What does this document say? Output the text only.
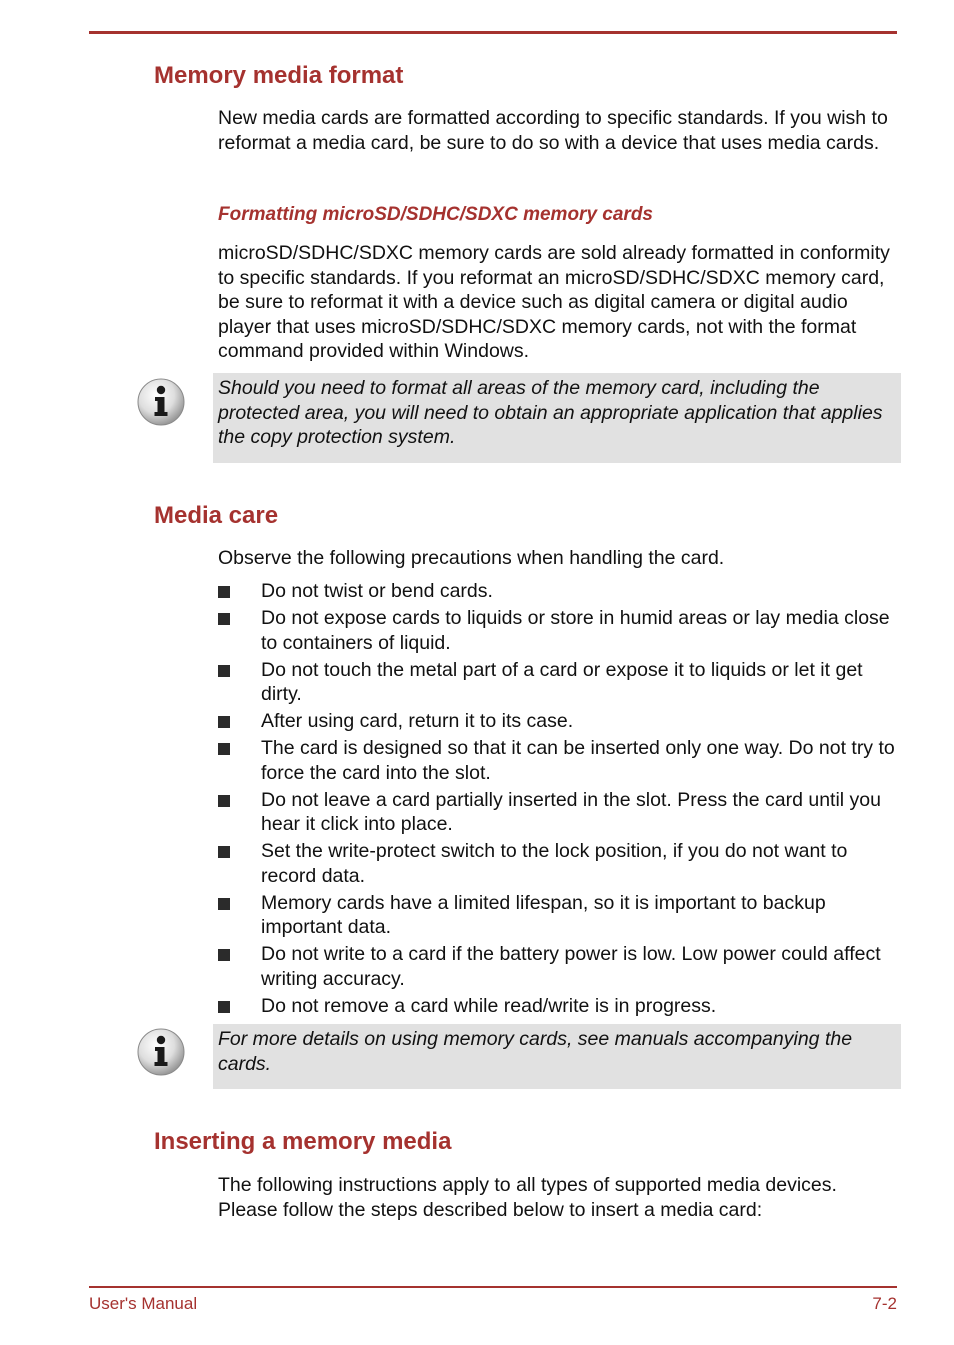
Memory media format

New media cards are formatted according to specific standards. If you wish to reformat a media card, be sure to do so with a device that uses media cards.

Formatting microSD/SDHC/SDXC memory cards

microSD/SDHC/SDXC memory cards are sold already formatted in conformity to specific standards. If you reformat an microSD/SDHC/SDXC memory card, be sure to reformat it with a device such as digital camera or digital audio player that uses microSD/SDHC/SDXC memory cards, not with the format command provided within Windows.

Should you need to format all areas of the memory card, including the protected area, you will need to obtain an appropriate application that applies the copy protection system.

Media care

Observe the following precautions when handling the card.

Do not twist or bend cards.
Do not expose cards to liquids or store in humid areas or lay media close to containers of liquid.
Do not touch the metal part of a card or expose it to liquids or let it get dirty.
After using card, return it to its case.
The card is designed so that it can be inserted only one way. Do not try to force the card into the slot.
Do not leave a card partially inserted in the slot. Press the card until you hear it click into place.
Set the write-protect switch to the lock position, if you do not want to record data.
Memory cards have a limited lifespan, so it is important to backup important data.
Do not write to a card if the battery power is low. Low power could affect writing accuracy.
Do not remove a card while read/write is in progress.

For more details on using memory cards, see manuals accompanying the cards.

Inserting a memory media

The following instructions apply to all types of supported media devices. Please follow the steps described below to insert a media card:

User's Manual	7-2
